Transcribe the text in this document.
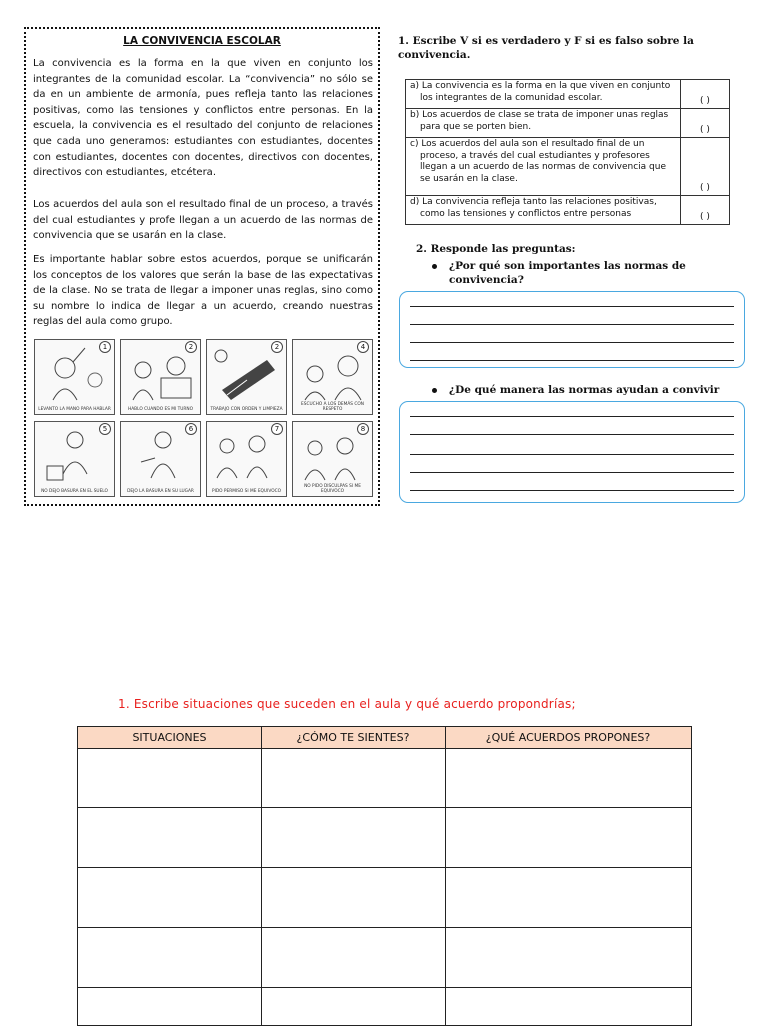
LA CONVIVENCIA ESCOLAR
La convivencia es la forma en la que viven en conjunto los integrantes de la comunidad escolar. La “convivencia” no sólo se da en un ambiente de armonía, pues refleja tanto las relaciones positivas, como las tensiones y conflictos entre personas. En la escuela, la convivencia es el resultado del conjunto de relaciones que cada uno generamos: estudiantes con estudiantes, docentes con estudiantes, docentes con docentes, directivos con docentes, directivos con estudiantes, etcétera.
Los acuerdos del aula son el resultado final de un proceso, a través del cual estudiantes y profe llegan a un acuerdo de las normas de convivencia que se usarán en la clase.
Es importante hablar sobre estos acuerdos, porque se unificarán los conceptos de los valores que serán la base de las expectativas de la clase. No se trata de llegar a imponer unas reglas, sino como su nombre lo indica de llegar a un acuerdo, creando nuestras reglas del aula como grupo.
1
LEVANTO LA MANO PARA HABLAR
2
HABLO CUANDO ES MI TURNO
2
TRABAJO CON ORDEN Y LIMPIEZA
4
ESCUCHO A LOS DEMÁS CON RESPETO
5
NO DEJO BASURA EN EL SUELO
6
DEJO LA BASURA EN SU LUGAR
7
PIDO PERMISO SI ME EQUIVOCO
8
NO PIDO DISCULPAS SI ME EQUIVOCO
1. Escribe V si es verdadero y F si es falso sobre la convivencia.
a) La convivencia es la forma en la que viven en conjunto los integrantes de la comunidad escolar.	( )

b) Los acuerdos de clase se trata de imponer unas reglas para que se porten bien.	( )

c) Los acuerdos del aula son el resultado final de un proceso, a través del cual estudiantes y profesores llegan a un acuerdo de las normas de convivencia que se usarán en la clase.	( )

d) La convivencia refleja tanto las relaciones positivas, como las tensiones y conflictos entre personas	( )
2. Responde las preguntas:
¿Por qué son importantes las normas de convivencia?
¿De qué manera las normas ayudan a convivir
1. Escribe situaciones que suceden en el aula y qué acuerdo propondrías;
SITUACIONES	¿CÓMO TE SIENTES?	¿QUÉ ACUERDOS PROPONES?
